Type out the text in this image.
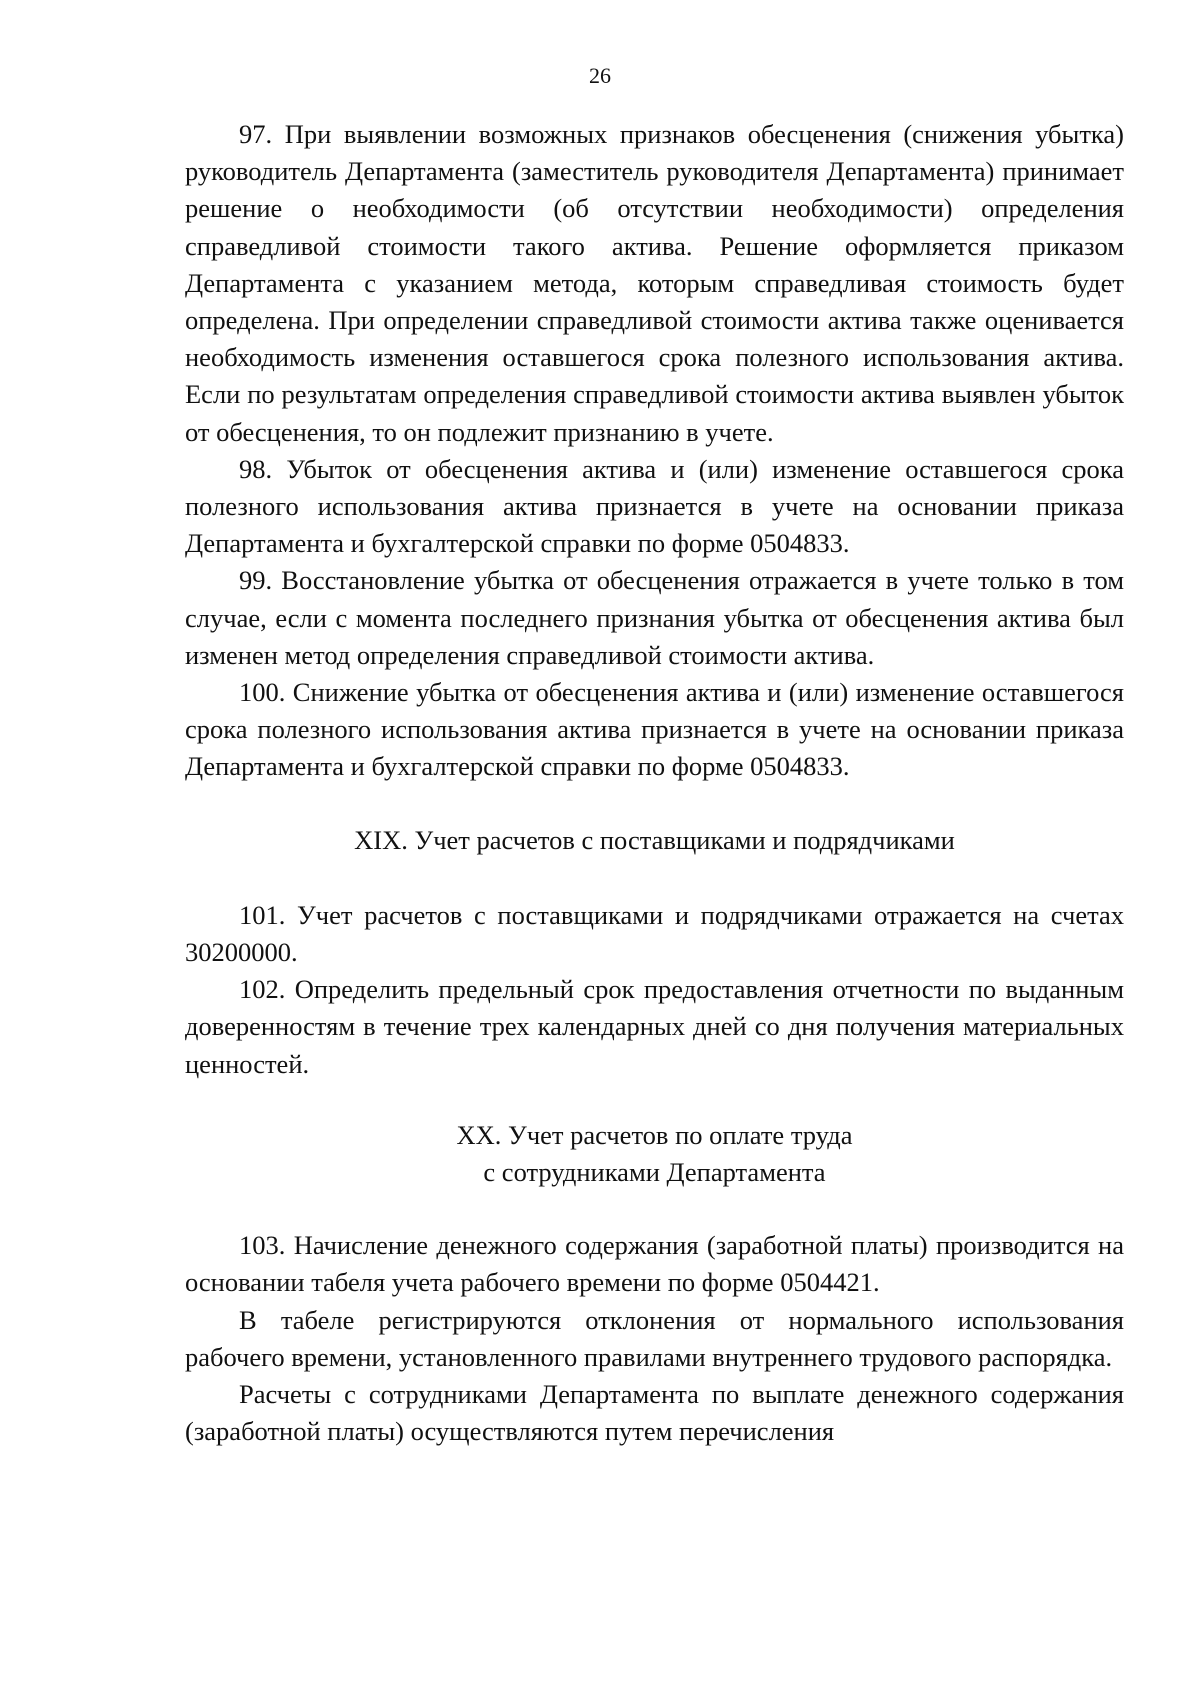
26

97. При выявлении возможных признаков обесценения (снижения убытка) руководитель Департамента (заместитель руководителя Департамента) принимает решение о необходимости (об отсутствии необходимости) определения справедливой стоимости такого актива. Решение оформляется приказом Департамента с указанием метода, которым справедливая стоимость будет определена. При определении справедливой стоимости актива также оценивается необходимость изменения оставшегося срока полезного использования актива. Если по результатам определения справедливой стоимости актива выявлен убыток от обесценения, то он подлежит признанию в учете.

98. Убыток от обесценения актива и (или) изменение оставшегося срока полезного использования актива признается в учете на основании приказа Департамента и бухгалтерской справки по форме 0504833.

99. Восстановление убытка от обесценения отражается в учете только в том случае, если с момента последнего признания убытка от обесценения актива был изменен метод определения справедливой стоимости актива.

100. Снижение убытка от обесценения актива и (или) изменение оставшегося срока полезного использования актива признается в учете на основании приказа Департамента и бухгалтерской справки по форме 0504833.

XIX. Учет расчетов с поставщиками и подрядчиками

101. Учет расчетов с поставщиками и подрядчиками отражается на счетах 30200000.

102. Определить предельный срок предоставления отчетности по выданным доверенностям в течение трех календарных дней со дня получения материальных ценностей.

XX. Учет расчетов по оплате труда
с сотрудниками Департамента

103. Начисление денежного содержания (заработной платы) производится на основании табеля учета рабочего времени по форме 0504421.

В табеле регистрируются отклонения от нормального использования рабочего времени, установленного правилами внутреннего трудового распорядка.

Расчеты с сотрудниками Департамента по выплате денежного содержания (заработной платы) осуществляются путем перечисления
